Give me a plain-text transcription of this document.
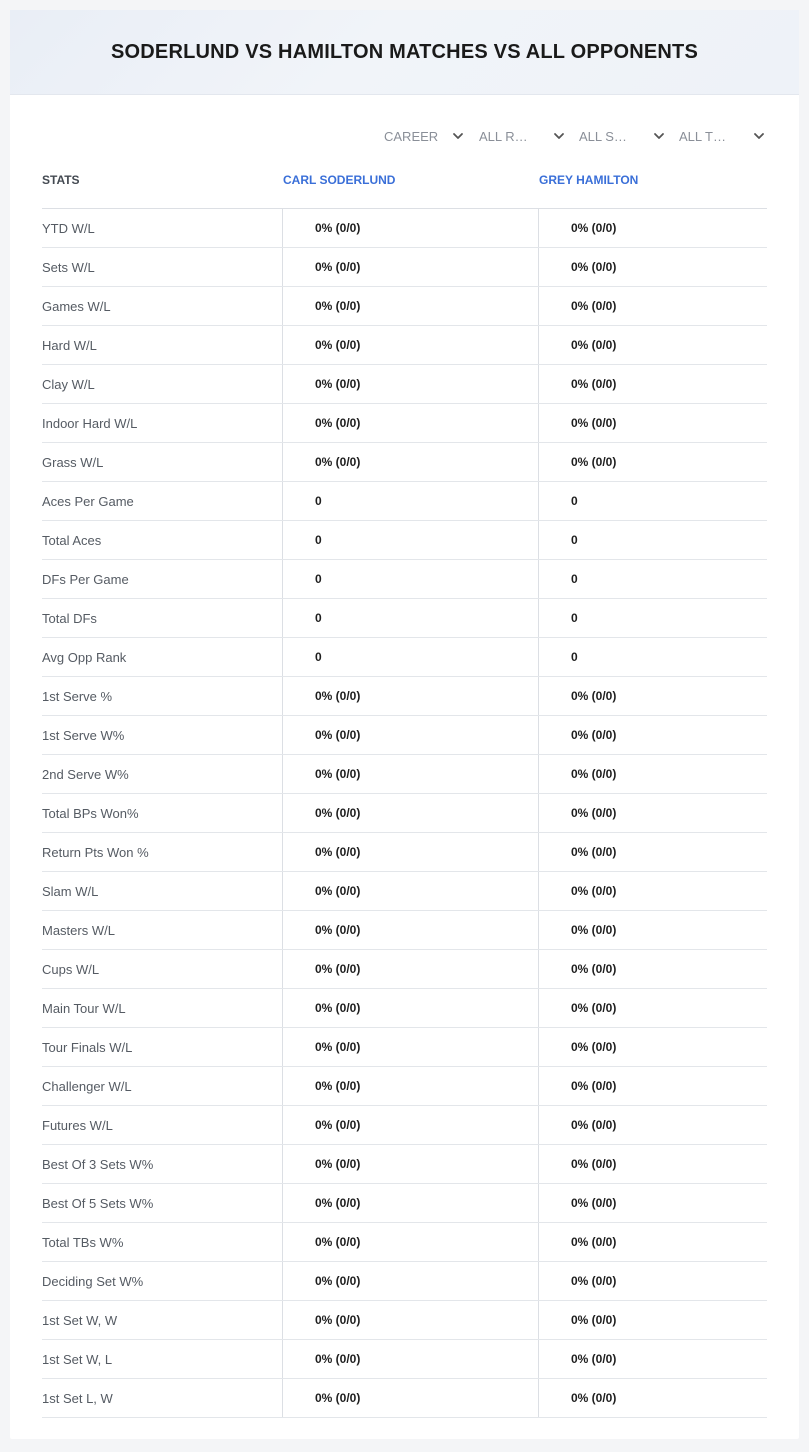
SODERLUND VS HAMILTON MATCHES VS ALL OPPONENTS
CAREER	ALL R…	ALL S…	ALL T…
STATS	CARL SODERLUND	GREY HAMILTON
YTD W/L	0% (0/0)	0% (0/0)
Sets W/L	0% (0/0)	0% (0/0)
Games W/L	0% (0/0)	0% (0/0)
Hard W/L	0% (0/0)	0% (0/0)
Clay W/L	0% (0/0)	0% (0/0)
Indoor Hard W/L	0% (0/0)	0% (0/0)
Grass W/L	0% (0/0)	0% (0/0)
Aces Per Game	0	0
Total Aces	0	0
DFs Per Game	0	0
Total DFs	0	0
Avg Opp Rank	0	0
1st Serve %	0% (0/0)	0% (0/0)
1st Serve W%	0% (0/0)	0% (0/0)
2nd Serve W%	0% (0/0)	0% (0/0)
Total BPs Won%	0% (0/0)	0% (0/0)
Return Pts Won %	0% (0/0)	0% (0/0)
Slam W/L	0% (0/0)	0% (0/0)
Masters W/L	0% (0/0)	0% (0/0)
Cups W/L	0% (0/0)	0% (0/0)
Main Tour W/L	0% (0/0)	0% (0/0)
Tour Finals W/L	0% (0/0)	0% (0/0)
Challenger W/L	0% (0/0)	0% (0/0)
Futures W/L	0% (0/0)	0% (0/0)
Best Of 3 Sets W%	0% (0/0)	0% (0/0)
Best Of 5 Sets W%	0% (0/0)	0% (0/0)
Total TBs W%	0% (0/0)	0% (0/0)
Deciding Set W%	0% (0/0)	0% (0/0)
1st Set W, W	0% (0/0)	0% (0/0)
1st Set W, L	0% (0/0)	0% (0/0)
1st Set L, W	0% (0/0)	0% (0/0)
